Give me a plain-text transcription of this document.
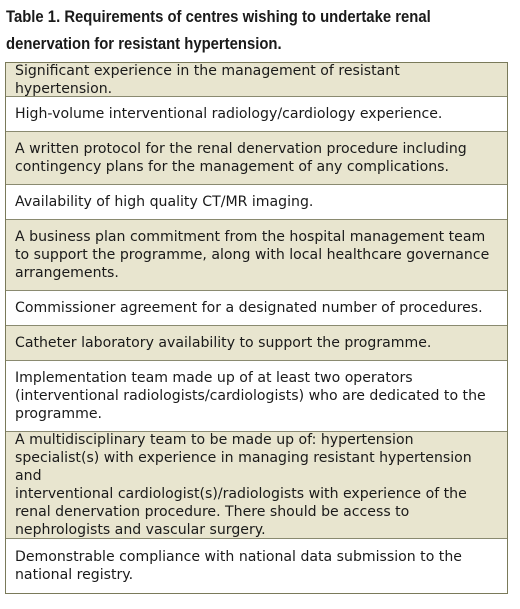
Table 1. Requirements of centres wishing to undertake renal
denervation for resistant hypertension.
Significant experience in the management of resistant hypertension.
High-volume interventional radiology/cardiology experience.
A written protocol for the renal denervation procedure including
contingency plans for the management of any complications.
Availability of high quality CT/MR imaging.
A business plan commitment from the hospital management team
to support the programme, along with local healthcare governance
arrangements.
Commissioner agreement for a designated number of procedures.
Catheter laboratory availability to support the programme.
Implementation team made up of at least two operators
(interventional radiologists/cardiologists) who are dedicated to the
programme.
A multidisciplinary team to be made up of: hypertension
specialist(s) with experience in managing resistant hypertension and
interventional cardiologist(s)/radiologists with experience of the
renal denervation procedure. There should be access to
nephrologists and vascular surgery.
Demonstrable compliance with national data submission to the
national registry.
